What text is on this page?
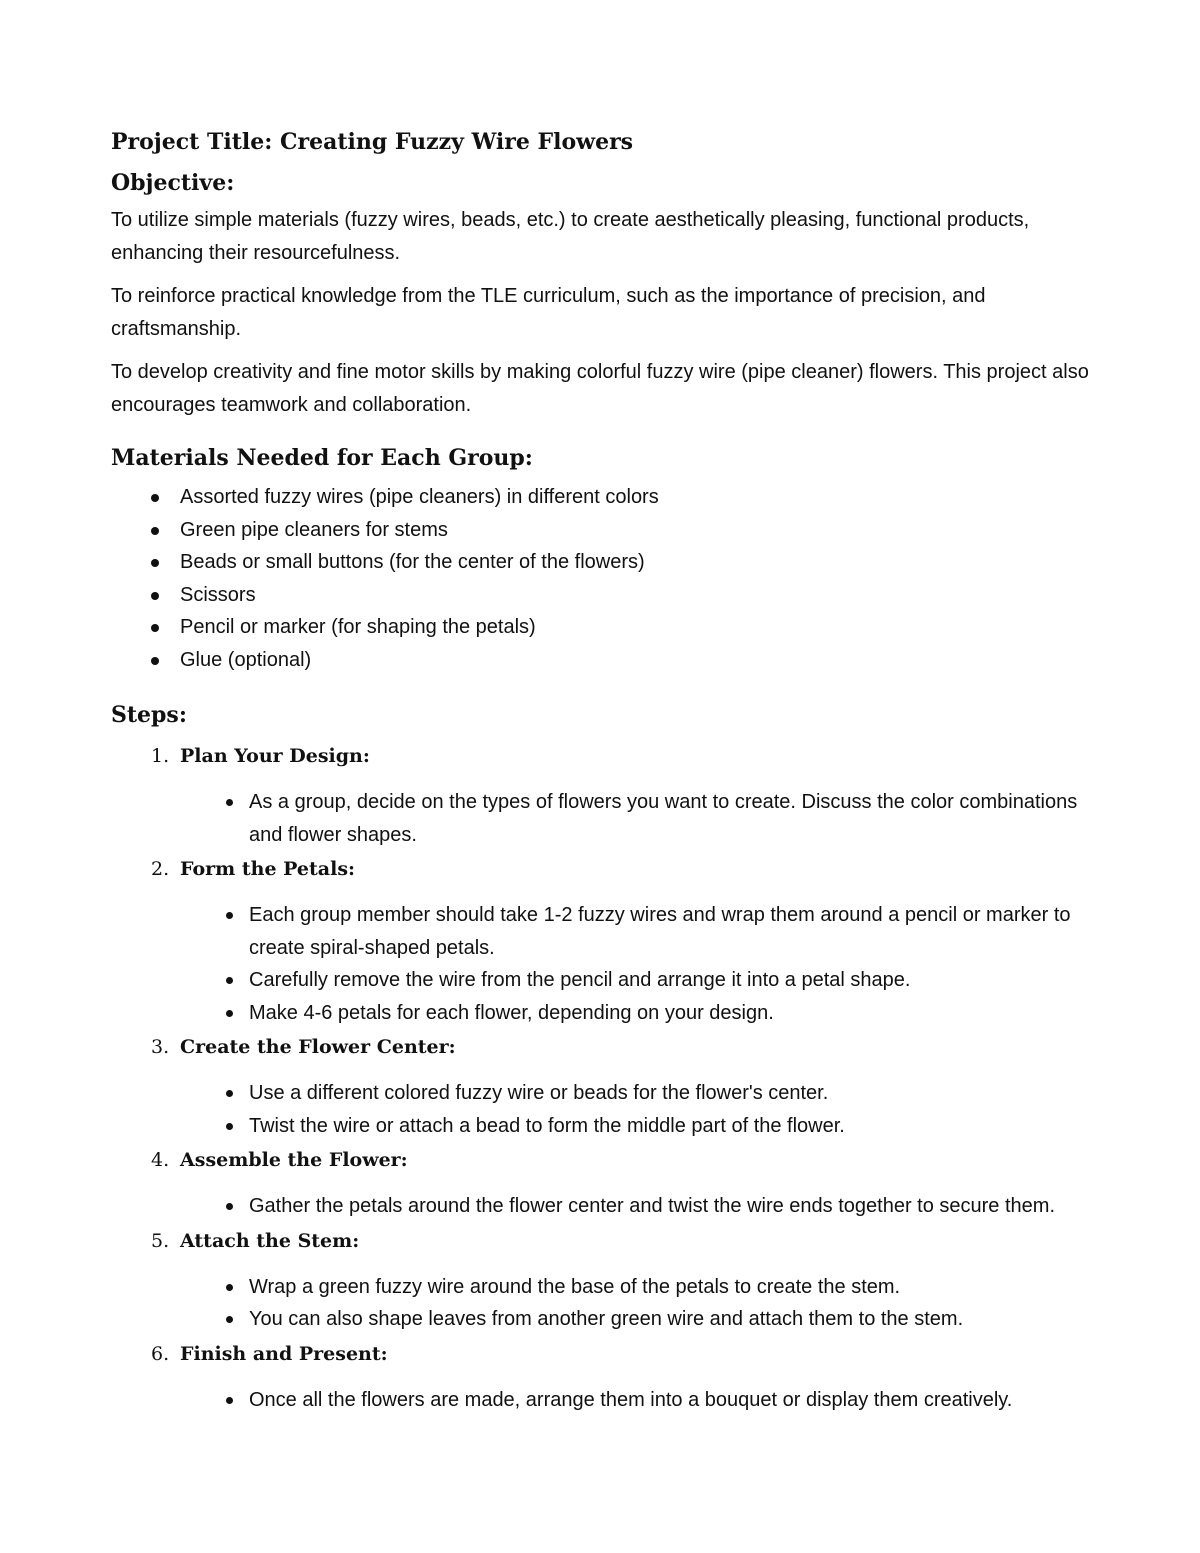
Project Title: Creating Fuzzy Wire Flowers
Objective:

To utilize simple materials (fuzzy wires, beads, etc.) to create aesthetically pleasing, functional products, enhancing their resourcefulness.

To reinforce practical knowledge from the TLE curriculum, such as the importance of precision, and craftsmanship.

To develop creativity and fine motor skills by making colorful fuzzy wire (pipe cleaner) flowers. This project also encourages teamwork and collaboration.

Materials Needed for Each Group:
Assorted fuzzy wires (pipe cleaners) in different colors
Green pipe cleaners for stems
Beads or small buttons (for the center of the flowers)
Scissors
Pencil or marker (for shaping the petals)
Glue (optional)
Steps:
1. Plan Your Design:
As a group, decide on the types of flowers you want to create. Discuss the color combinations and flower shapes.
2. Form the Petals:
Each group member should take 1-2 fuzzy wires and wrap them around a pencil or marker to create spiral-shaped petals.
Carefully remove the wire from the pencil and arrange it into a petal shape.
Make 4-6 petals for each flower, depending on your design.
3. Create the Flower Center:
Use a different colored fuzzy wire or beads for the flower's center.
Twist the wire or attach a bead to form the middle part of the flower.
4. Assemble the Flower:
Gather the petals around the flower center and twist the wire ends together to secure them.
5. Attach the Stem:
Wrap a green fuzzy wire around the base of the petals to create the stem.
You can also shape leaves from another green wire and attach them to the stem.
6. Finish and Present:
Once all the flowers are made, arrange them into a bouquet or display them creatively.
